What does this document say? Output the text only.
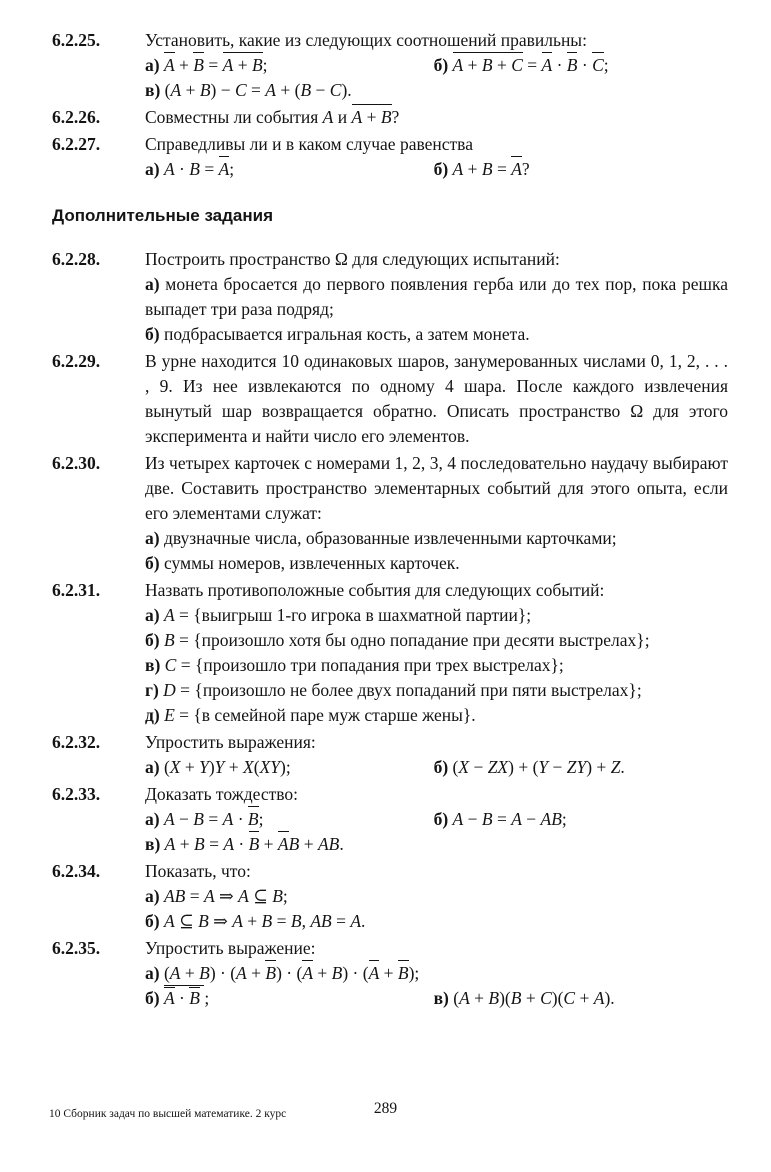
6.2.25.	Установить, какие из следующих соотношений правильны:
а) A + B = A + B;	б) A + B + C = A · B · C;
в) (A + B) − C = A + (B − C).
6.2.26.	Совместны ли события A и A + B?
6.2.27.	Справедливы ли и в каком случае равенства
а) A · B = A;	б) A + B = A?
Дополнительные задания
6.2.28.	Построить пространство Ω для следующих испытаний:
а) монета бросается до первого появления герба или до тех пор, пока решка выпадет три раза подряд;
б) подбрасывается игральная кость, а затем монета.
6.2.29.	В урне находится 10 одинаковых шаров, занумерованных числами 0, 1, 2, . . . , 9. Из нее извлекаются по одному 4 шара. После каждого извлечения вынутый шар возвращается обратно. Описать пространство Ω для этого эксперимента и найти число его элементов.
6.2.30.	Из четырех карточек с номерами 1, 2, 3, 4 последовательно наудачу выбирают две. Составить пространство элементарных событий для этого опыта, если его элементами служат:
а) двузначные числа, образованные извлеченными карточками;
б) суммы номеров, извлеченных карточек.
6.2.31.	Назвать противоположные события для следующих событий:
а) A = {выигрыш 1-го игрока в шахматной партии};
б) B = {произошло хотя бы одно попадание при десяти выстрелах};
в) C = {произошло три попадания при трех выстрелах};
г) D = {произошло не более двух попаданий при пяти выстрелах};
д) E = {в семейной паре муж старше жены}.
6.2.32.	Упростить выражения:
а) (X + Y)Y + X(XY);	б) (X − ZX) + (Y − ZY) + Z.
6.2.33.	Доказать тождество:
а) A − B = A · B;	б) A − B = A − AB;
в) A + B = A · B + AB + AB.
6.2.34.	Показать, что:
а) AB = A ⇒ A ⊆ B;
б) A ⊆ B ⇒ A + B = B, AB = A.
6.2.35.	Упростить выражение:
а) (A + B) · (A + B) · (A + B) · (A + B);
б) A · B ;	в) (A + B)(B + C)(C + A).
10 Сборник задач по высшей математике. 2 курс	289
